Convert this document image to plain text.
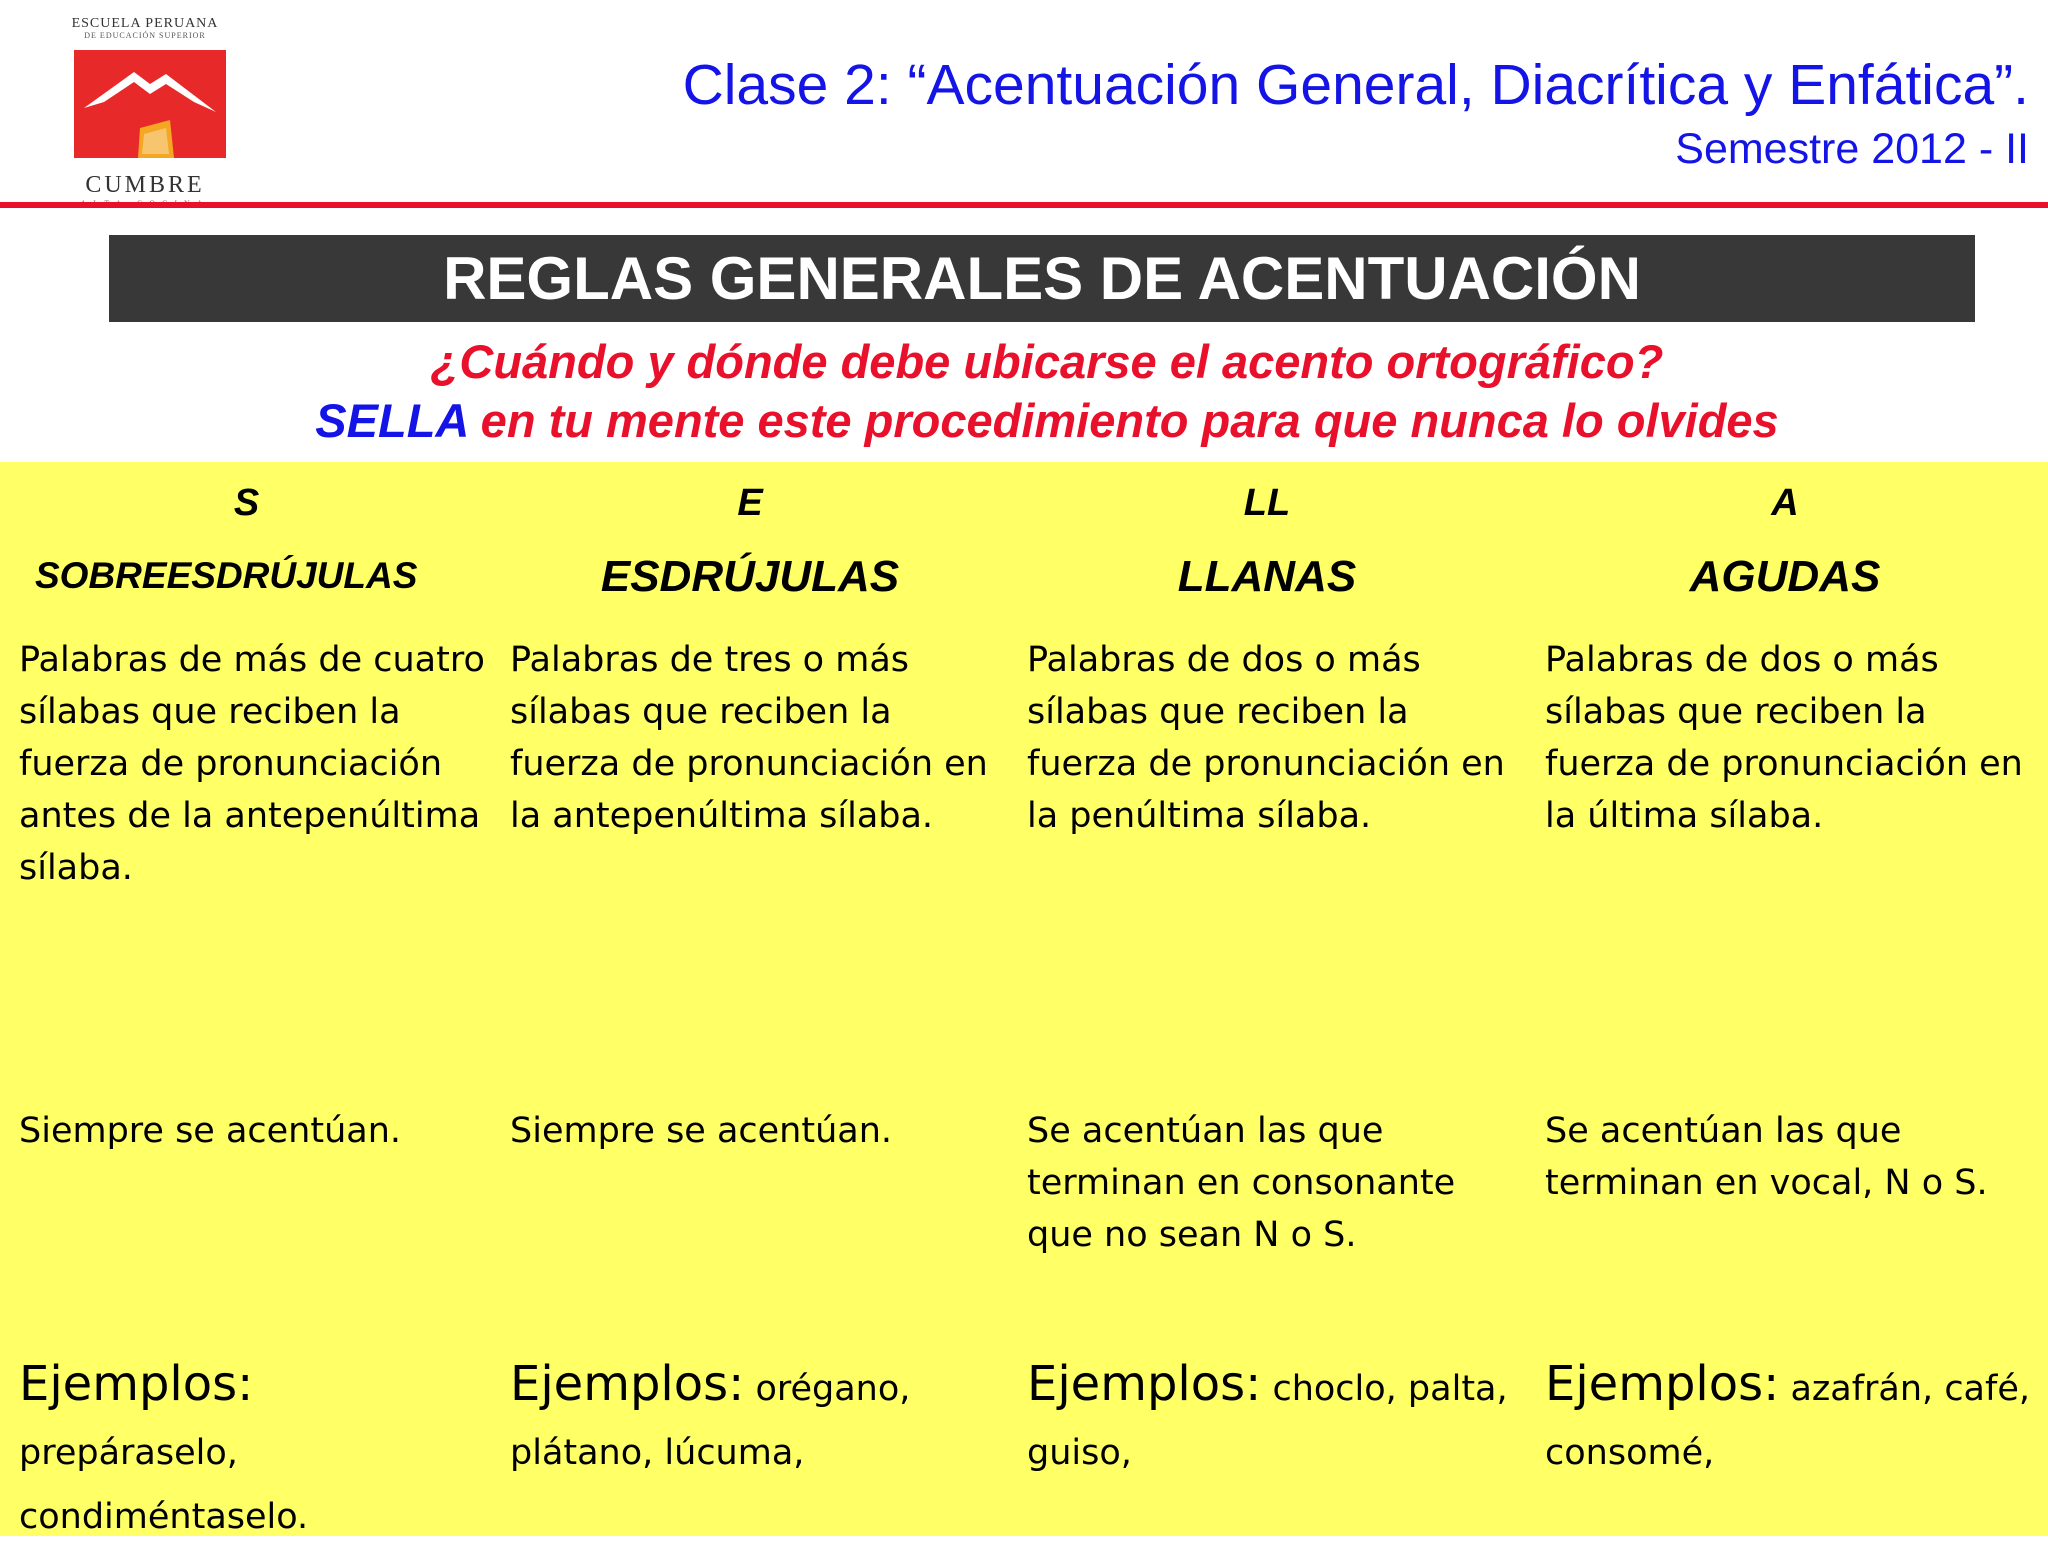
ESCUELA PERUANA
DE EDUCACIÓN SUPERIOR
CUMBRE
Clase 2: “Acentuación General, Diacrítica y Enfática”.
Semestre 2012 - II
REGLAS GENERALES DE ACENTUACIÓN
¿Cuándo y dónde debe ubicarse el acento ortográfico?
SELLA en tu mente este procedimiento para que nunca lo olvides
S
SOBREESDRÚJULAS
Palabras de más de cuatro sílabas que reciben la fuerza de pronunciación antes de la antepenúltima sílaba.
Siempre se acentúan.
Ejemplos:
prepáraselo, condiméntaselo.
E
ESDRÚJULAS
Palabras de tres o más sílabas que reciben la fuerza de pronunciación en la antepenúltima sílaba.
Siempre se acentúan.
Ejemplos: orégano, plátano, lúcuma,
LL
LLANAS
Palabras de dos o más sílabas que reciben la fuerza de pronunciación en la penúltima sílaba.
Se acentúan las que terminan en consonante que no sean N o S.
Ejemplos: choclo, palta, guiso,
A
AGUDAS
Palabras de dos o más sílabas que reciben la fuerza de pronunciación en la última sílaba.
Se acentúan las que terminan en vocal, N o S.
Ejemplos: azafrán, café, consomé,
